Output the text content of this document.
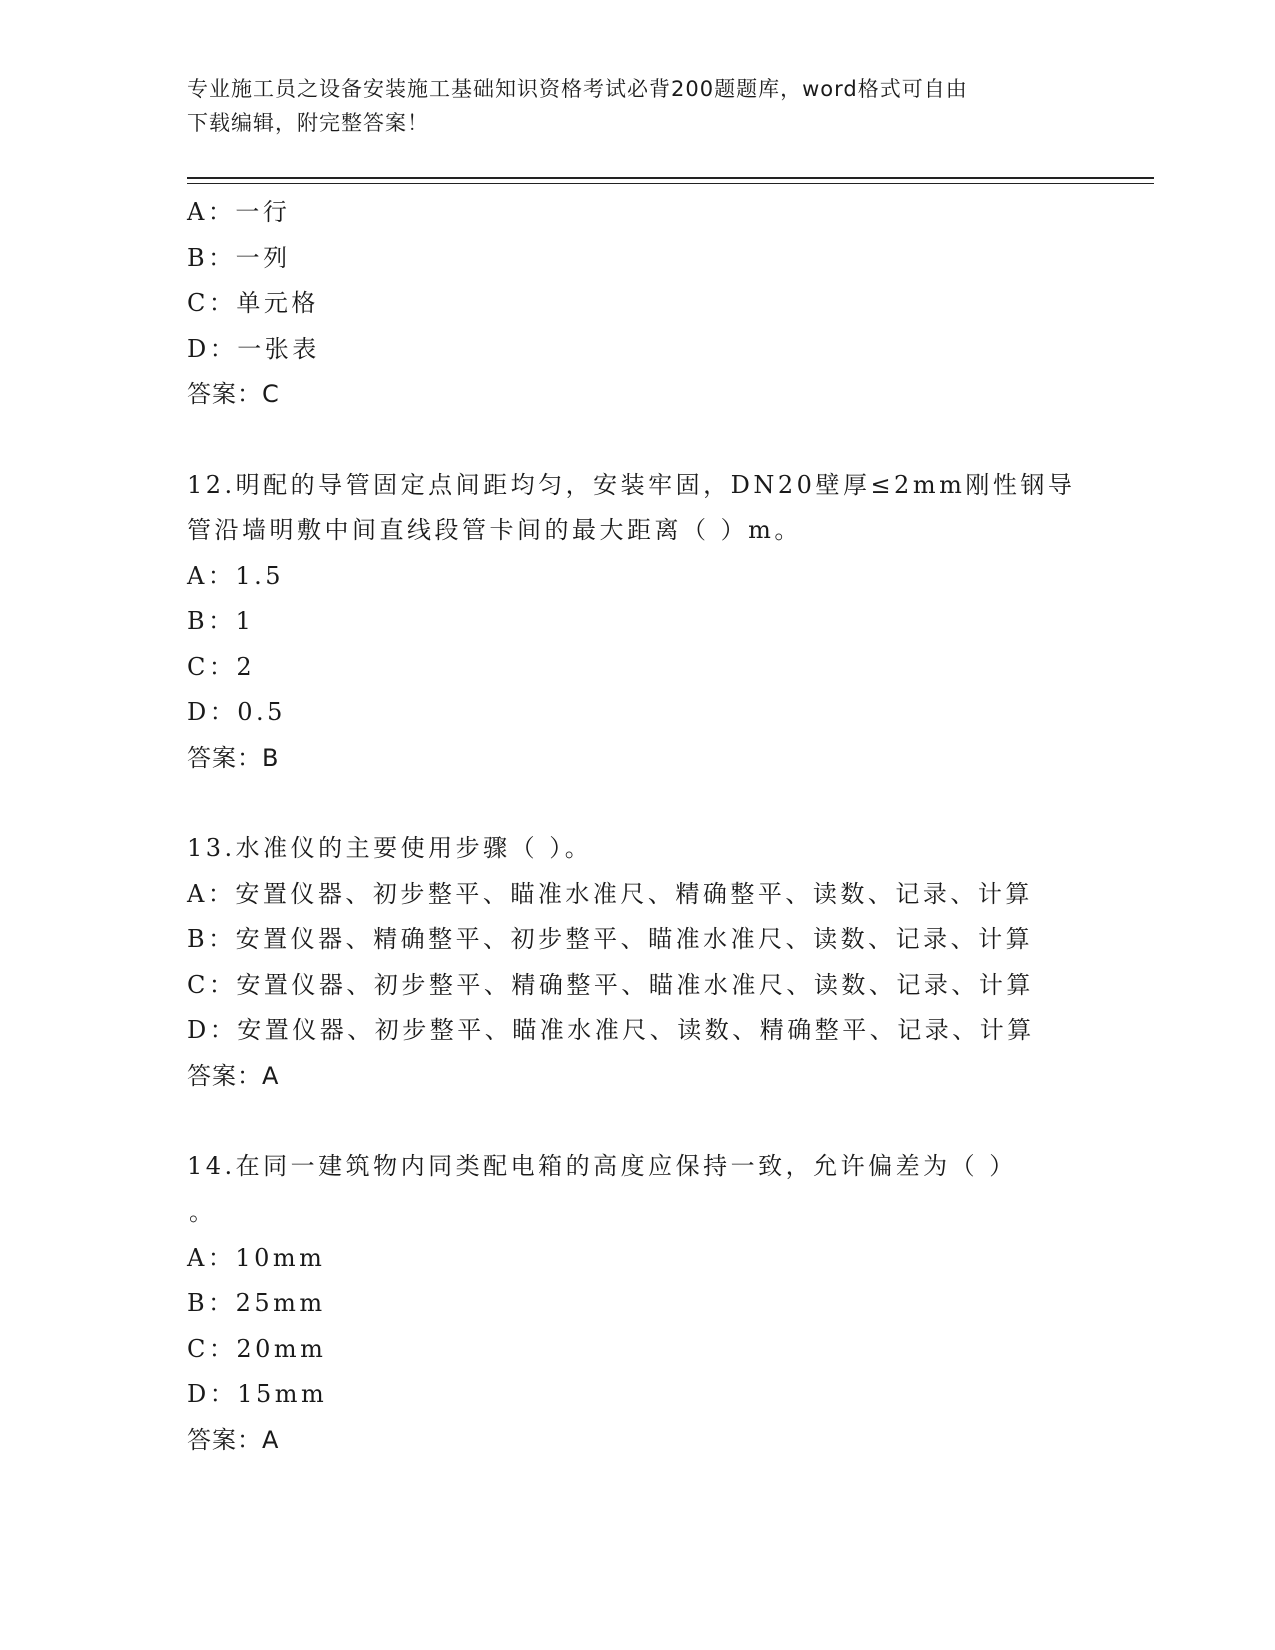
专业施工员之设备安装施工基础知识资格考试必背200题题库，word格式可自由
下载编辑，附完整答案！
A：一行
B：一列
C：单元格
D：一张表
答案：C
12.明配的导管固定点间距均匀，安装牢固，DN20壁厚≤2mm刚性钢导
管沿墙明敷中间直线段管卡间的最大距离（ ）m。
A：1.5
B：1
C：2
D：0.5
答案：B
13.水准仪的主要使用步骤（ ）。
A：安置仪器、初步整平、瞄准水准尺、精确整平、读数、记录、计算
B：安置仪器、精确整平、初步整平、瞄准水准尺、读数、记录、计算
C：安置仪器、初步整平、精确整平、瞄准水准尺、读数、记录、计算
D：安置仪器、初步整平、瞄准水准尺、读数、精确整平、记录、计算
答案：A
14.在同一建筑物内同类配电箱的高度应保持一致，允许偏差为（ ）
。
A：10mm
B：25mm
C：20mm
D：15mm
答案：A
